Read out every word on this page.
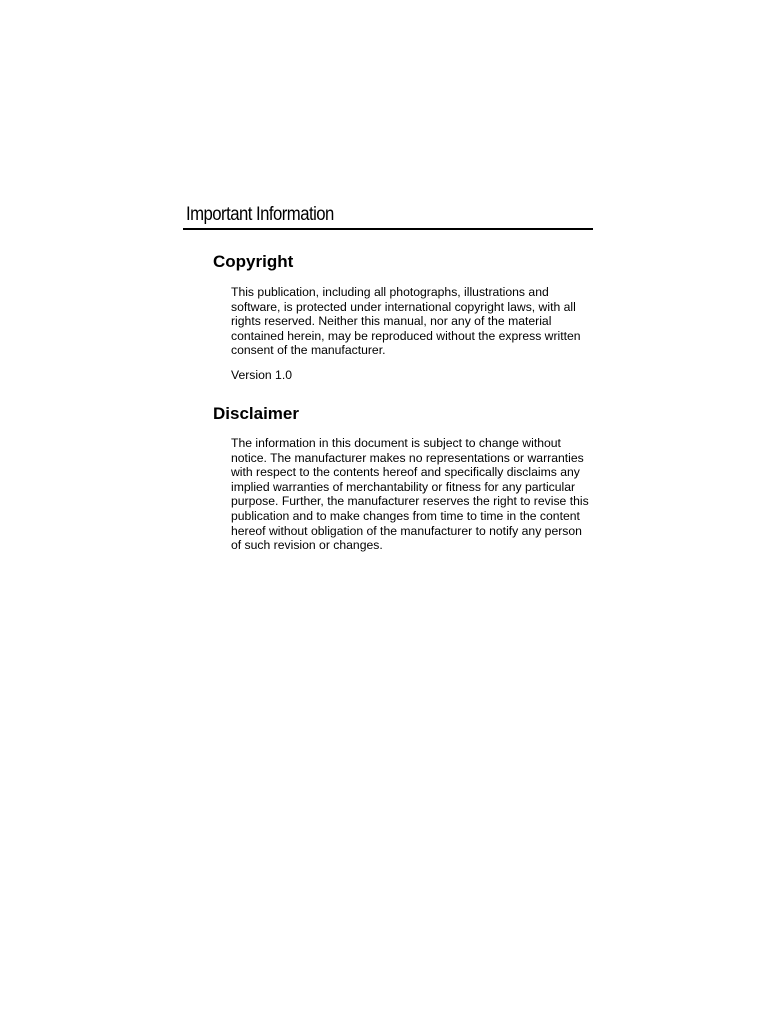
Important Information
Copyright

This publication, including all photographs, illustrations and software, is protected under international copyright laws, with all rights reserved. Neither this manual, nor any of the material contained herein, may be reproduced without the express written consent of the manufacturer.

Version 1.0

Disclaimer

The information in this document is subject to change without notice. The manufacturer makes no representations or warranties with respect to the contents hereof and specifically disclaims any implied warranties of merchantability or fitness for any particular purpose. Further, the manufacturer reserves the right to revise this publication and to make changes from time to time in the content hereof without obligation of the manufacturer to notify any person of such revision or changes.
